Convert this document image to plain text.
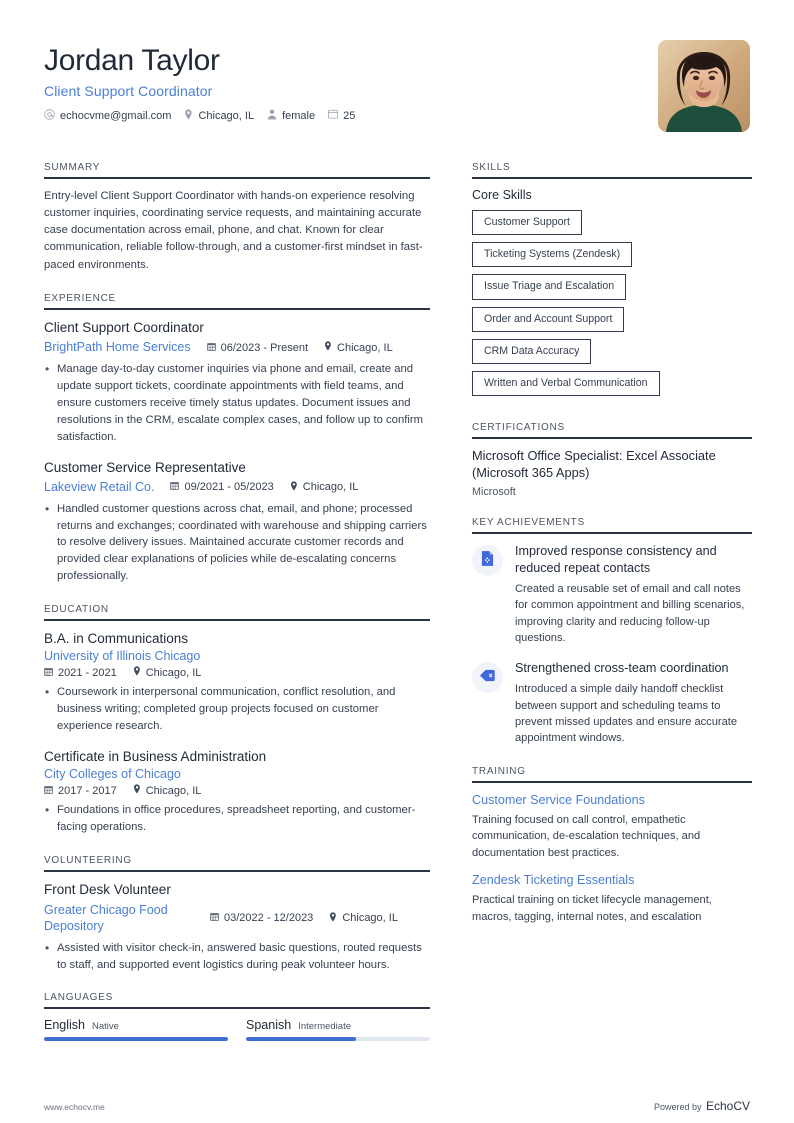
Jordan Taylor
Client Support Coordinator
echocvme@gmail.com Chicago, IL	female	25
SUMMARY
Entry-level Client Support Coordinator with hands-on experience resolving customer inquiries, coordinating service requests, and maintaining accurate case documentation across email, phone, and chat. Known for clear communication, reliable follow-through, and a customer-first mindset in fast-paced environments.
EXPERIENCE
Client Support Coordinator
BrightPath Home Services	06/2023 - Present	Chicago, IL
• Manage day-to-day customer inquiries via phone and email, create and update support tickets, coordinate appointments with field teams, and ensure customers receive timely status updates. Document issues and resolutions in the CRM, escalate complex cases, and follow up to confirm satisfaction.
Customer Service Representative
Lakeview Retail Co.	09/2021 - 05/2023	Chicago, IL
• Handled customer questions across chat, email, and phone; processed returns and exchanges; coordinated with warehouse and shipping carriers to resolve delivery issues. Maintained accurate customer records and provided clear explanations of policies while de-escalating concerns professionally.
EDUCATION
B.A. in Communications
University of Illinois Chicago
2021 - 2021	Chicago, IL
• Coursework in interpersonal communication, conflict resolution, and business writing; completed group projects focused on customer experience research.
Certificate in Business Administration
City Colleges of Chicago
2017 - 2017	Chicago, IL
• Foundations in office procedures, spreadsheet reporting, and customer-facing operations.
VOLUNTEERING
Front Desk Volunteer
Greater Chicago Food Depository
03/2022 - 12/2023	Chicago, IL
• Assisted with visitor check-in, answered basic questions, routed requests to staff, and supported event logistics during peak volunteer hours.
LANGUAGES
English Native	Spanish Intermediate
SKILLS
Core Skills
Customer Support
Ticketing Systems (Zendesk)
Issue Triage and Escalation
Order and Account Support
CRM Data Accuracy
Written and Verbal Communication
CERTIFICATIONS
Microsoft Office Specialist: Excel Associate (Microsoft 365 Apps)
Microsoft
KEY ACHIEVEMENTS
Improved response consistency and reduced repeat contacts
Created a reusable set of email and call notes for common appointment and billing scenarios, improving clarity and reducing follow-up questions.
Strengthened cross-team coordination
Introduced a simple daily handoff checklist between support and scheduling teams to prevent missed updates and ensure accurate appointment windows.
TRAINING
Customer Service Foundations
Training focused on call control, empathetic communication, de-escalation techniques, and documentation best practices.
Zendesk Ticketing Essentials
Practical training on ticket lifecycle management, macros, tagging, internal notes, and escalation
www.echocv.me	Powered by EchoCV
